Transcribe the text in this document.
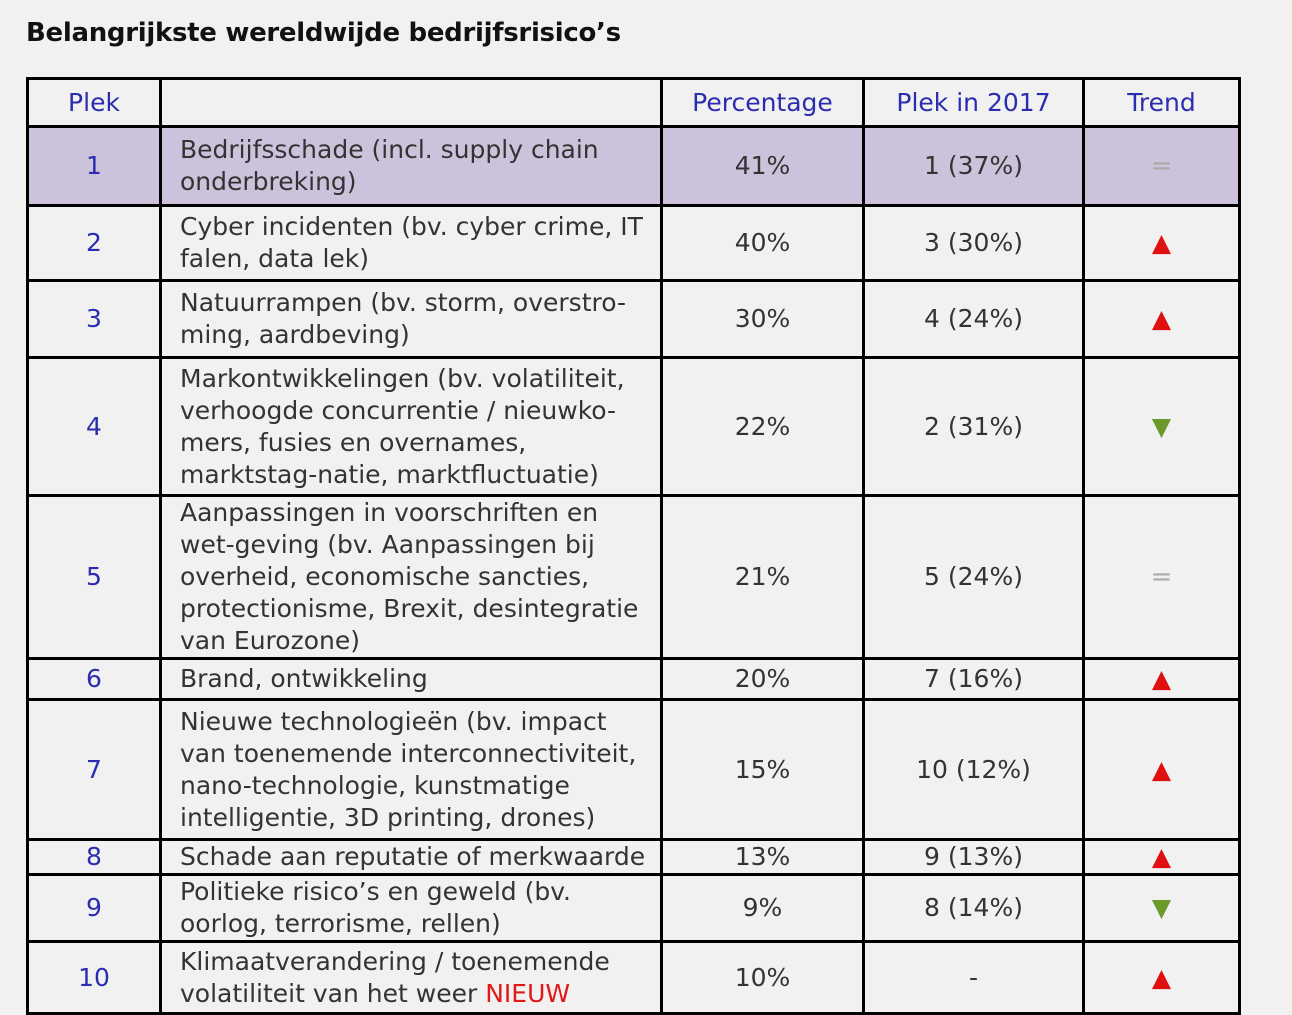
Belangrijkste wereldwijde bedrijfsrisico’s
Plek		Percentage	Plek in 2017	Trend
1	Bedrijfsschade (incl. supply chain onderbreking)	41%	1 (37%)	=
2	Cyber incidenten (bv. cyber crime, IT falen, data lek)	40%	3 (30%)	▲
3	Natuurrampen (bv. storm, overstro-ming, aardbeving)	30%	4 (24%)	▲
4	Markontwikkelingen (bv. volatiliteit, verhoogde concurrentie / nieuwko-mers, fusies en overnames, marktstag-natie, marktfluctuatie)	22%	2 (31%)	▼
5	Aanpassingen in voorschriften en wet-geving (bv. Aanpassingen bij overheid, economische sancties, protectionisme, Brexit, desintegratie van Eurozone)	21%	5 (24%)	=
6	Brand, ontwikkeling	20%	7 (16%)	▲
7	Nieuwe technologieën (bv. impact van toenemende interconnectiviteit, nano-technologie, kunstmatige intelligentie, 3D printing, drones)	15%	10 (12%)	▲
8	Schade aan reputatie of merkwaarde	13%	9 (13%)	▲
9	Politieke risico’s en geweld (bv. oorlog, terrorisme, rellen)	9%	8 (14%)	▼
10	Klimaatverandering / toenemende volatiliteit van het weer NIEUW	10%	-	▲
